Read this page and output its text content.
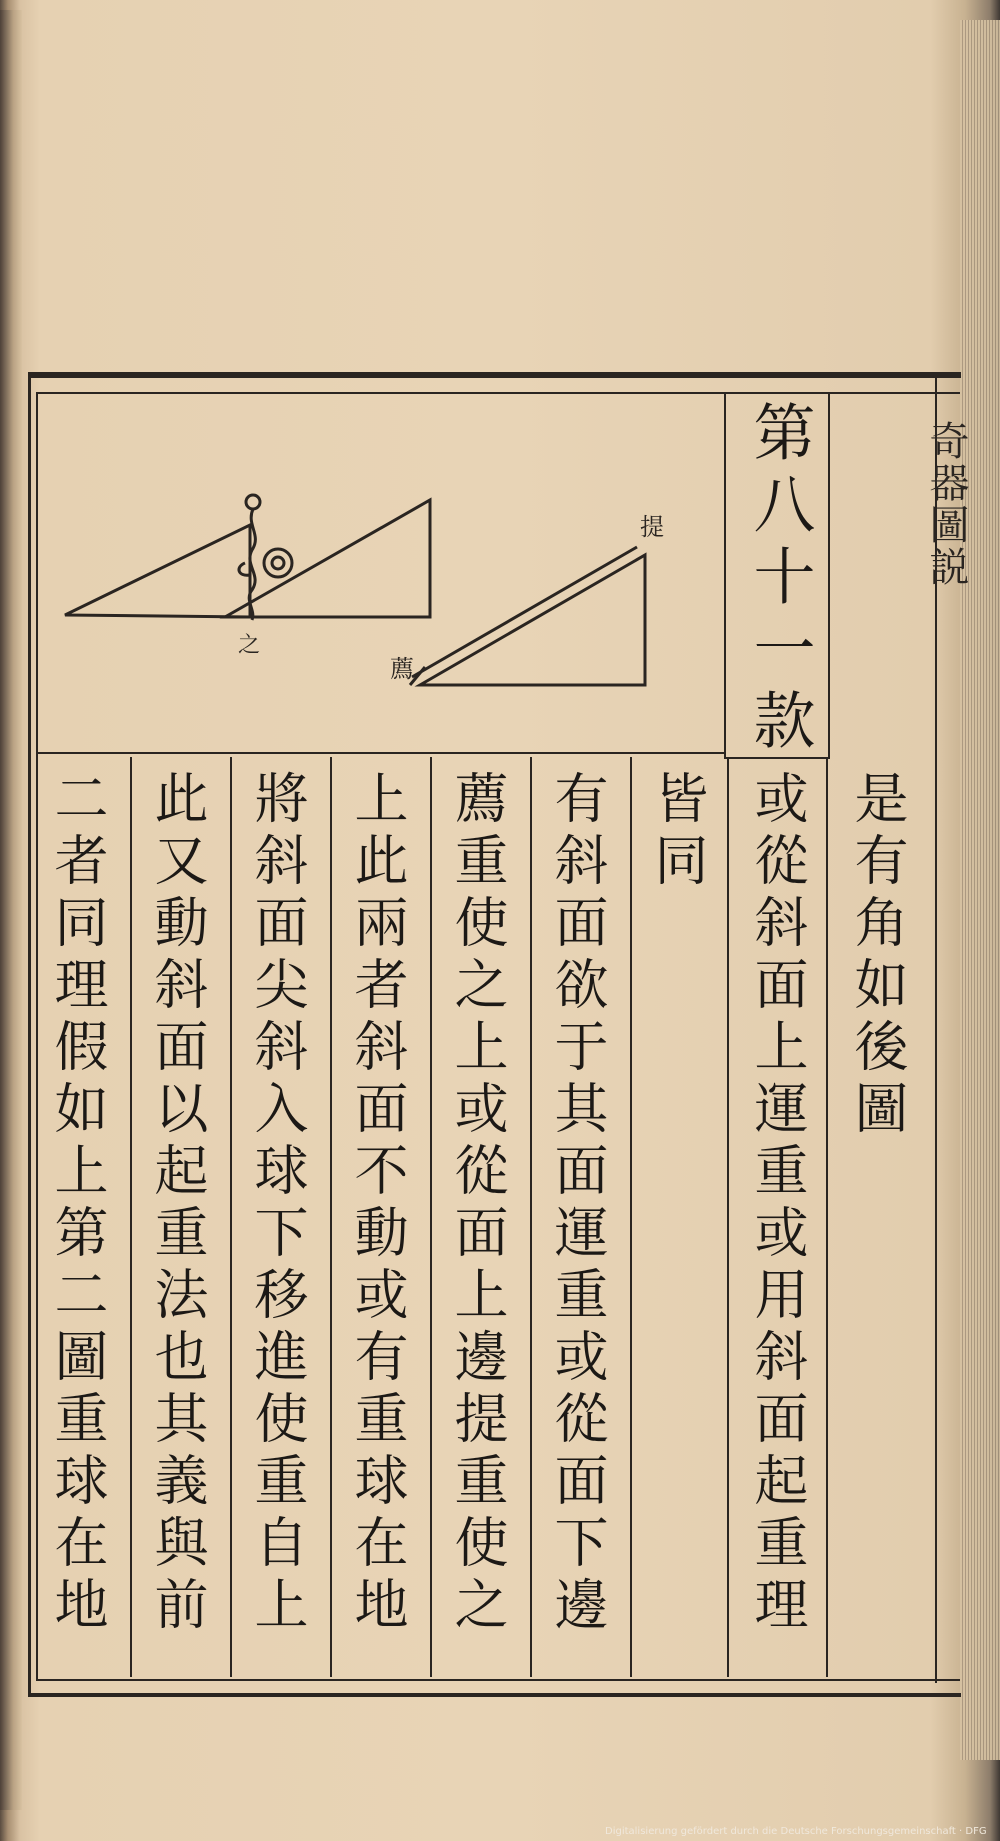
奇器圖説
第八十一款
之
提
薦
是有角如後圖
或從斜面上運重或用斜面起重理
皆同
有斜面欲于其面運重或從面下邊
薦重使之上或從面上邊提重使之
上此兩者斜面不動或有重球在地
將斜面尖斜入球下移進使重自上
此又動斜面以起重法也其義與前
二者同理假如上第二圖重球在地
Digitalisierung gefördert durch die Deutsche Forschungsgemeinschaft · DFG
